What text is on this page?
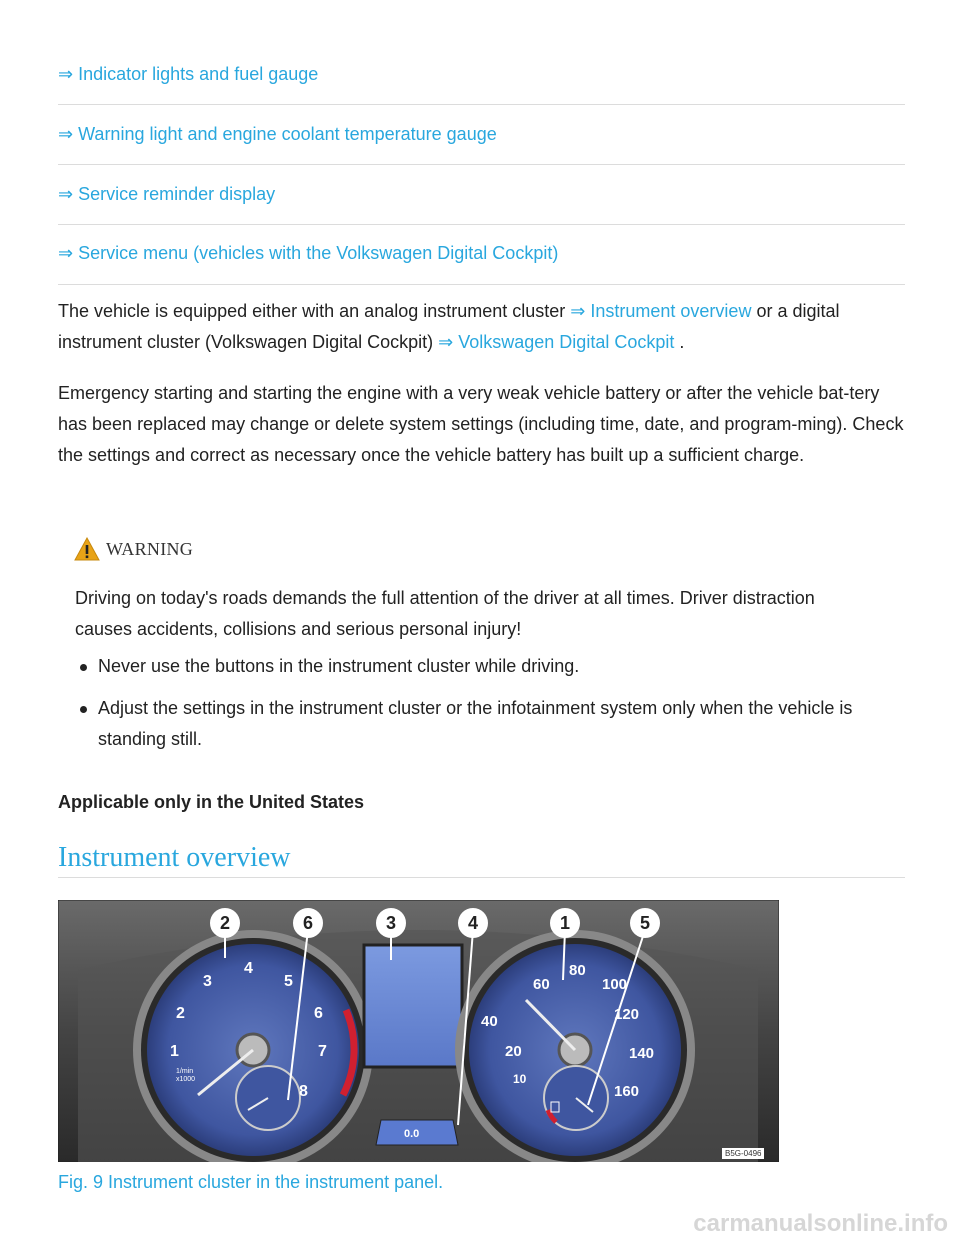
⇒ Indicator lights and fuel gauge
⇒ Warning light and engine coolant temperature gauge
⇒ Service reminder display
⇒ Service menu (vehicles with the Volkswagen Digital Cockpit)
The vehicle is equipped either with an analog instrument cluster ⇒ Instrument overview or a digital instrument cluster (Volkswagen Digital Cockpit) ⇒ Volkswagen Digital Cockpit .
Emergency starting and starting the engine with a very weak vehicle battery or after the vehicle bat-tery has been replaced may change or delete system settings (including time, date, and program-ming). Check the settings and correct as necessary once the vehicle battery has built up a sufficient charge.
WARNING
Driving on today's roads demands the full attention of the driver at all times. Driver distraction causes accidents, collisions and serious personal injury!
Never use the buttons in the instrument cluster while driving.
Adjust the settings in the instrument cluster or the infotainment system only when the vehicle is standing still.
Applicable only in the United States
Instrument overview
1
2
3
4
5
6
7
8
1/min x1000	10
20
40
60
80
100
120
140
160
0.0
2	6	3	4	1	5
B5G-0496
Fig. 9 Instrument cluster in the instrument panel.
carmanualsonline.info
